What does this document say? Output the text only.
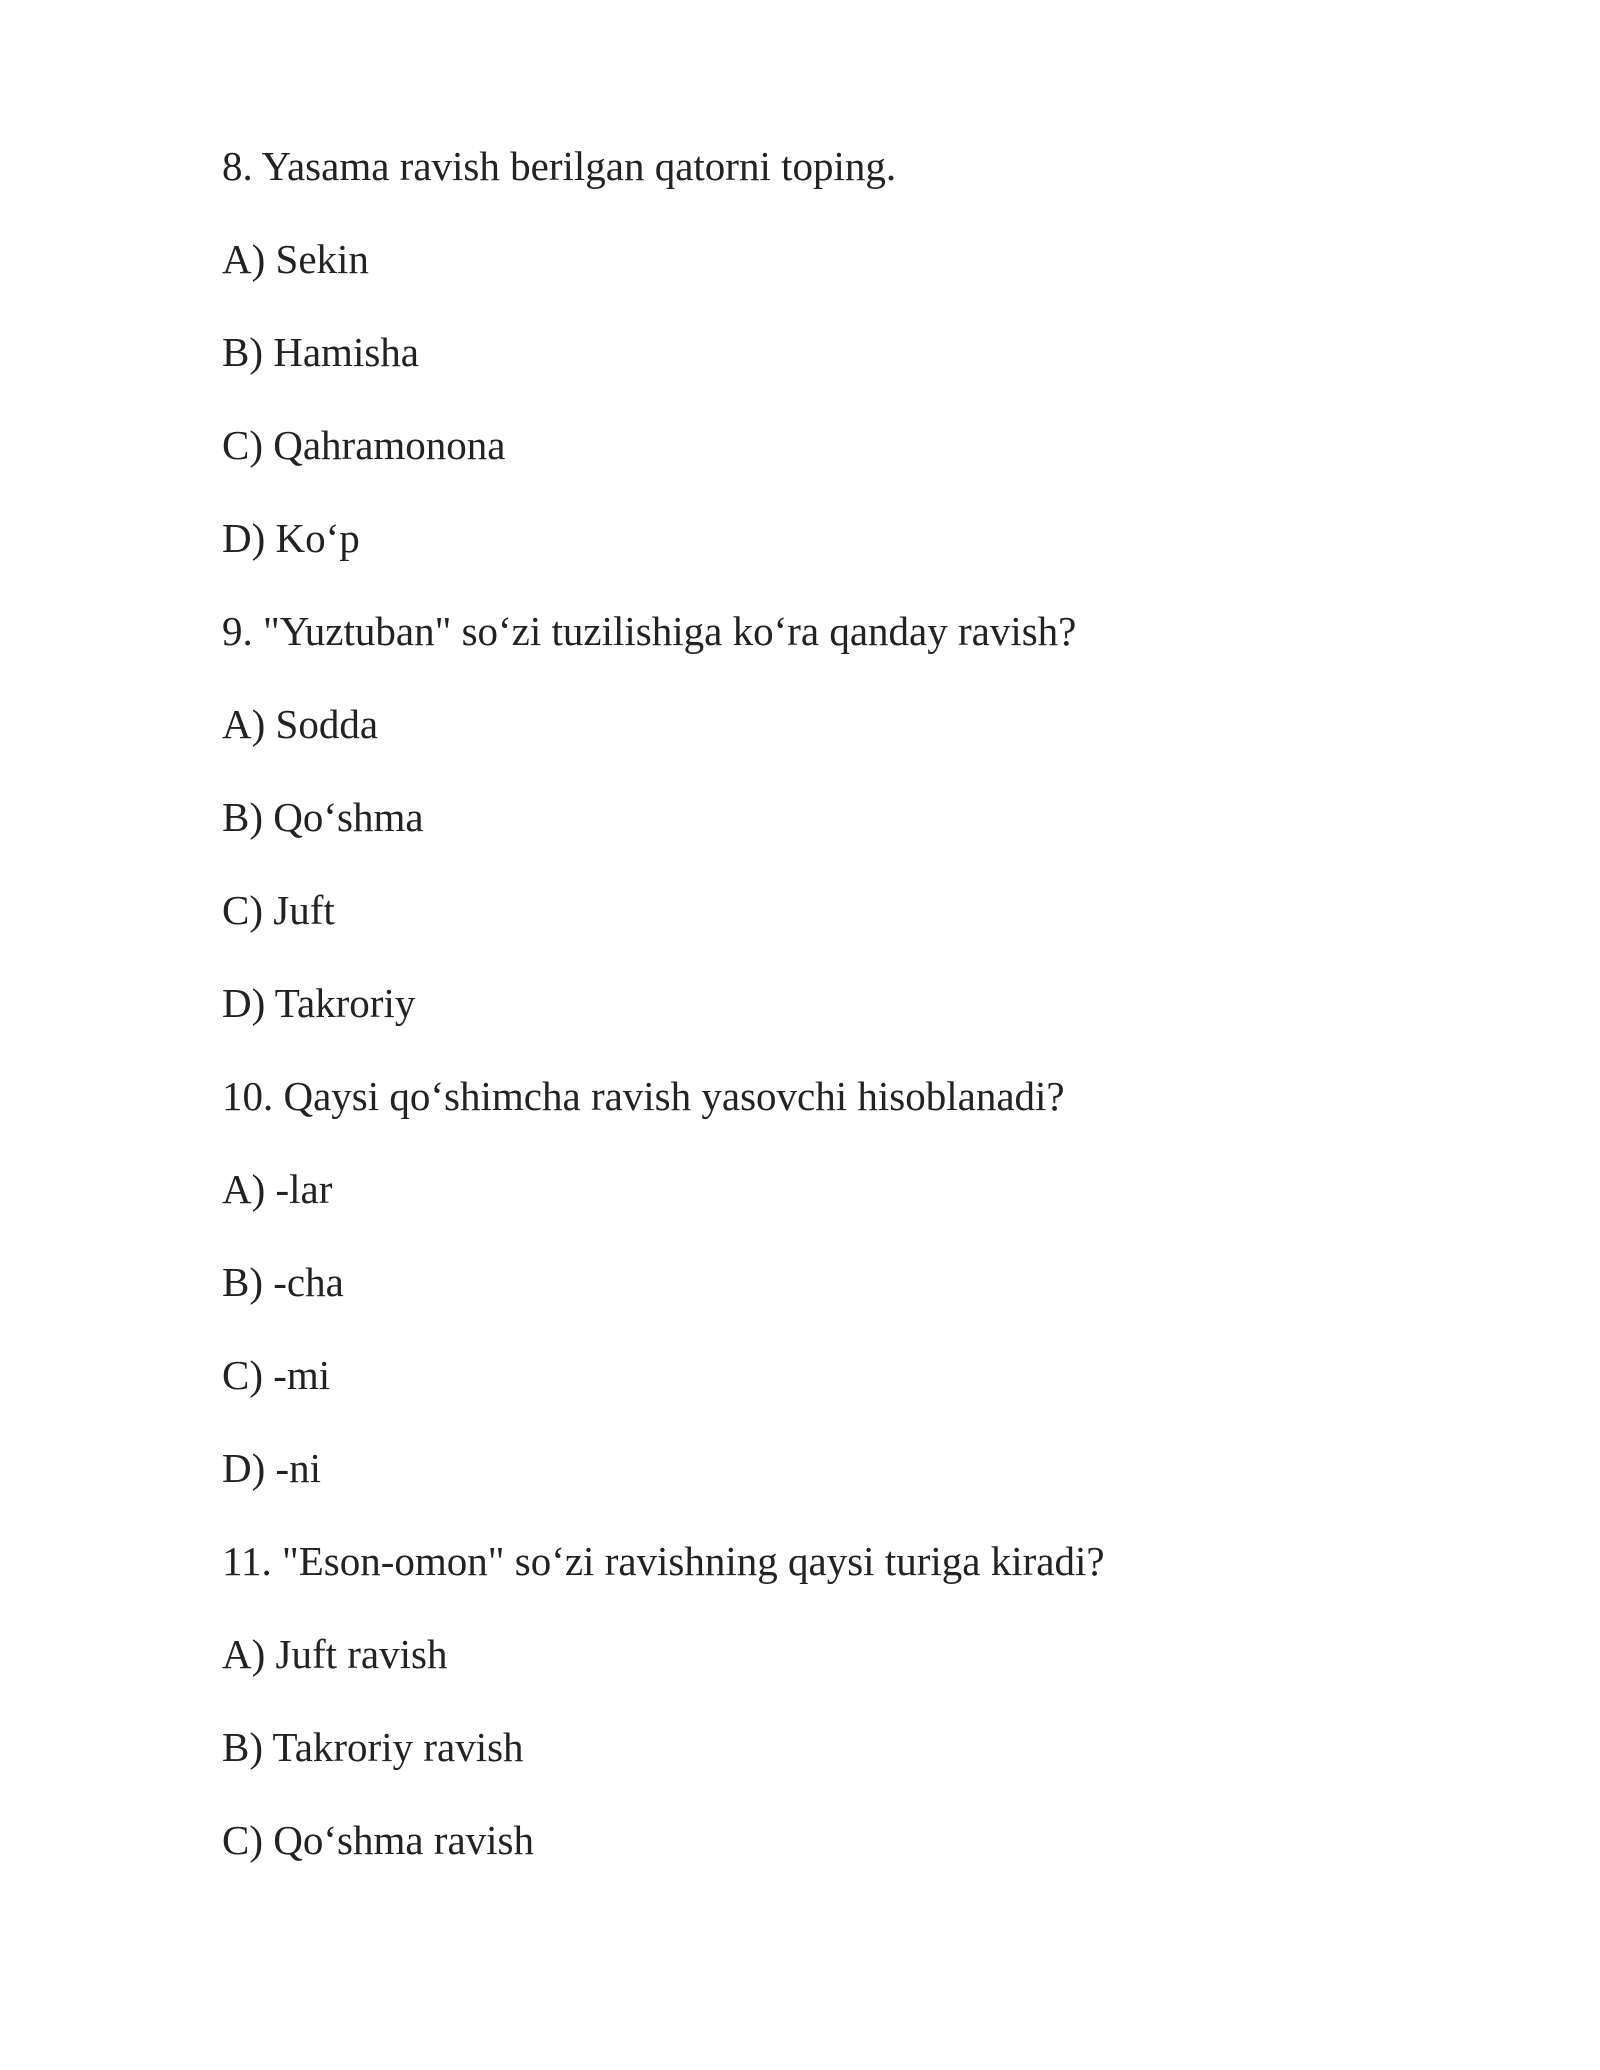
8. Yasama ravish berilgan qatorni toping.
A) Sekin
B) Hamisha
C) Qahramonona
D) Ko‘p
9. "Yuztuban" so‘zi tuzilishiga ko‘ra qanday ravish?
A) Sodda
B) Qo‘shma
C) Juft
D) Takroriy
10. Qaysi qo‘shimcha ravish yasovchi hisoblanadi?
A) -lar
B) -cha
C) -mi
D) -ni
11. "Eson-omon" so‘zi ravishning qaysi turiga kiradi?
A) Juft ravish
B) Takroriy ravish
C) Qo‘shma ravish
